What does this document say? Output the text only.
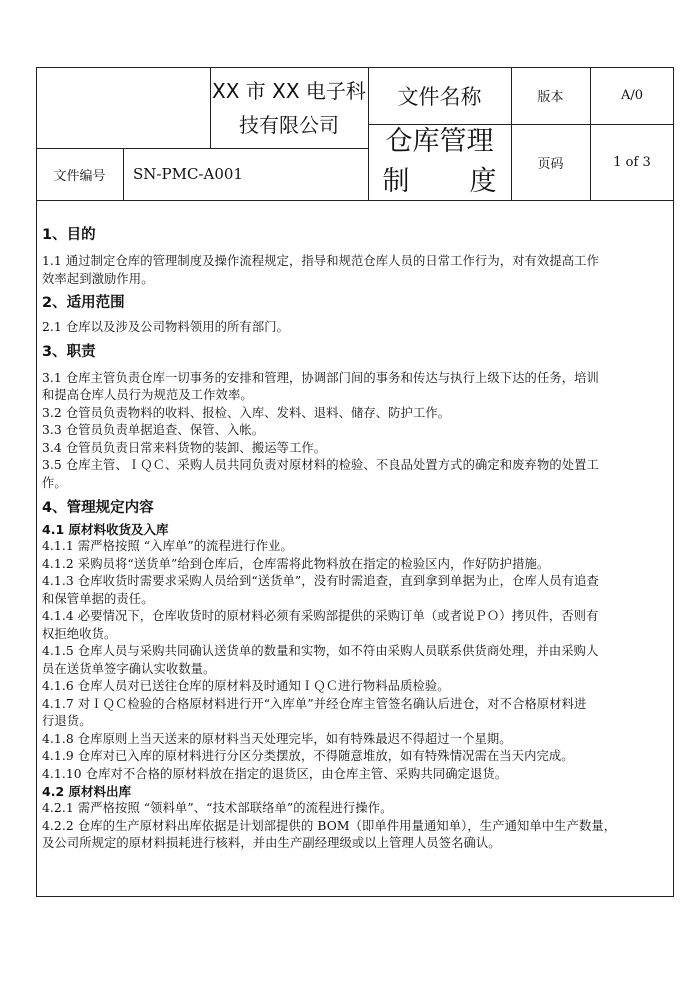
XX 市 XX 电子科
技有限公司
文件名称
仓库管理
制 度
版本	A/0
文件编号	SN-PMC-A001
页码	1 of 3
1、目的
1.1 通过制定仓库的管理制度及操作流程规定，指导和规范仓库人员的日常工作行为，对有效提高工作
效率起到激励作用。
2、适用范围
2.1 仓库以及涉及公司物料领用的所有部门。
3、职责
3.1 仓库主管负责仓库一切事务的安排和管理，协调部门间的事务和传达与执行上级下达的任务，培训
和提高仓库人员行为规范及工作效率。
3.2 仓管员负责物料的收料、报检、入库、发料、退料、储存、防护工作。
3.3 仓管员负责单据追查、保管、入帐。
3.4 仓管员负责日常来料货物的装卸、搬运等工作。
3.5 仓库主管、ＩＱＣ、采购人员共同负责对原材料的检验、不良品处置方式的确定和废弃物的处置工
作。
4、管理规定内容
4.1 原材料收货及入库
4.1.1 需严格按照 “入库单”的流程进行作业。
4.1.2 采购员将“送货单”给到仓库后，仓库需将此物料放在指定的检验区内，作好防护措施。
4.1.3 仓库收货时需要求采购人员给到“送货单”，没有时需追查，直到拿到单据为止，仓库人员有追查
和保管单据的责任。
4.1.4 必要情况下，仓库收货时的原材料必须有采购部提供的采购订单（或者说ＰＯ）拷贝件，否则有
权拒绝收货。
4.1.5 仓库人员与采购共同确认送货单的数量和实物，如不符由采购人员联系供货商处理，并由采购人
员在送货单签字确认实收数量。
4.1.6 仓库人员对已送往仓库的原材料及时通知ＩＱＣ进行物料品质检验。
4.1.7 对ＩＱＣ检验的合格原材料进行开“入库单”并经仓库主管签名确认后进仓，对不合格原材料进
行退货。
4.1.8 仓库原则上当天送来的原材料当天处理完毕，如有特殊最迟不得超过一个星期。
4.1.9 仓库对已入库的原材料进行分区分类摆放，不得随意堆放，如有特殊情况需在当天内完成。
4.1.10 仓库对不合格的原材料放在指定的退货区，由仓库主管、采购共同确定退货。
4.2 原材料出库
4.2.1 需严格按照 “领料单”、“技术部联络单”的流程进行操作。
4.2.2 仓库的生产原材料出库依据是计划部提供的 BOM（即单件用量通知单），生产通知单中生产数量，
及公司所规定的原材料损耗进行核料，并由生产副经理级或以上管理人员签名确认。
